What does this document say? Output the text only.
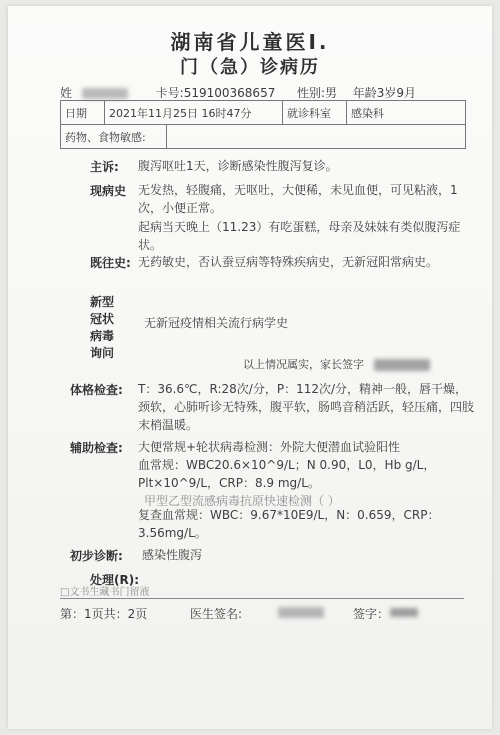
湖南省儿童医Ⅰ.
门（急）诊病历
姓	卡号:519100368657 性别:男 年龄3岁9月
日期	2021年11月25日 16时47分	就诊科室	感染科
药物、食物敏感:
主诉: 腹泻呕吐1天，诊断感染性腹泻复诊。
现病史 无发热，轻腹痛，无呕吐，大便稀，未见血便，可见粘液，1次，小便正常。
起病当天晚上（11.23）有吃蛋糕，母亲及妹妹有类似腹泻症状。
既往史: 无药敏史，否认蚕豆病等特殊疾病史，无新冠阳常病史。
新型
冠状
病毒
询问
无新冠疫情相关流行病学史
以上情况属实，家长签字
体格检查: T：36.6℃，R:28次/分，P：112次/分，精神一般，唇干燥，颈软，心肺听诊无特殊，腹平软，肠鸣音稍活跃，轻压痛，四肢末梢温暖。
辅助检查: 大便常规+轮状病毒检测：外院大便潜血试验阳性
血常规：WBC20.6×10^9/L；N 0.90，L0，Hb g/L，Plt×10^9/L，CRP：8.9 mg/L。
甲型乙型流感病毒抗原快速检测（ ）
复查血常规：WBC：9.67*10E9/L，N：0.659，CRP：3.56mg/L。
初步诊断: 感染性腹泻
处理(R):
□文书生藏书门留液
第：1页共：2页	医生签名:	签字：
